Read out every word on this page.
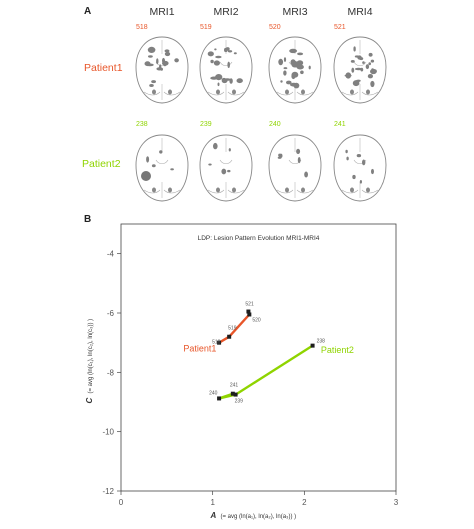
A	MRI1	MRI2	MRI3	MRI4
Patient1
518	519	520	521
Patient2
238	239	240	241
B
LDP: Lesion Pattern Evolution MRI1-MRI4
0	1	2	3
-4
-6
-8
-10
-12
A (= avg (ln(a₁), ln(a₂), ln(a₃)) )
C
(= avg (ln(c₁), ln(c₂), ln(c₃)) )	518
519
520
521
Patient1
238
239
240
241
Patient2
